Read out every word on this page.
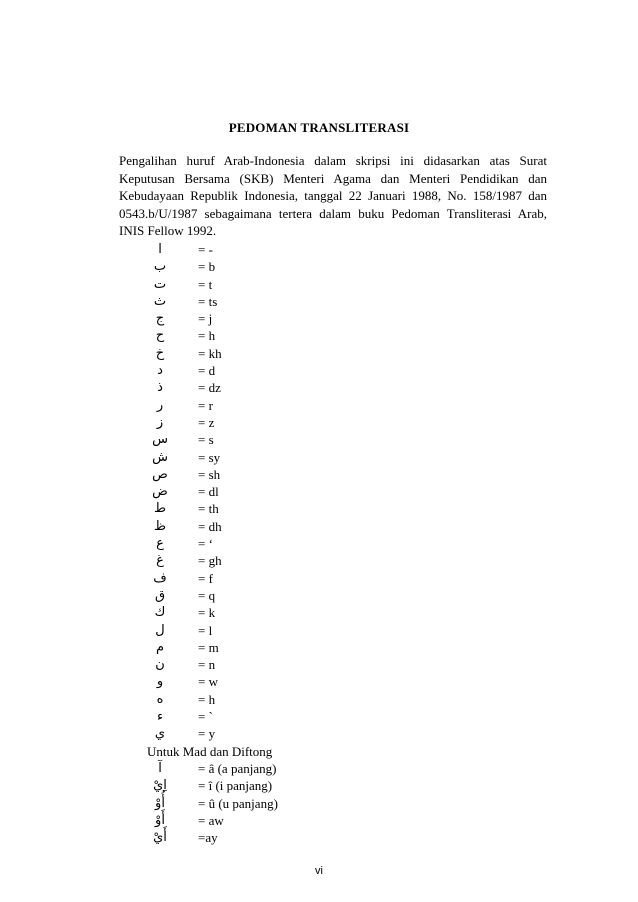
PEDOMAN TRANSLITERASI

Pengalihan huruf Arab-Indonesia dalam skripsi ini didasarkan atas Surat Keputusan Bersama (SKB) Menteri Agama dan Menteri Pendidikan dan Kebudayaan Republik Indonesia, tanggal 22 Januari 1988, No. 158/1987 dan 0543.b/U/1987 sebagaimana tertera dalam buku Pedoman Transliterasi Arab, INIS Fellow 1992.

ا	= -
ب	= b
ت	= t
ث	= ts
ج	= j
ح	= h
خ	= kh
د	= d
ذ	= dz
ر	= r
ز	= z
س	= s
ش	= sy
ص	= sh
ض	= dl
ط	= th
ظ	= dh
ع	= ‘
غ	= gh
ف	= f
ق	= q
ك	= k
ل	= l
م	= m
ن	= n
و	= w
ه	= h
ء	= `
ي	= y
Untuk Mad dan Diftong
آ	= â (a panjang)
اِيْ	= î (i panjang)
أُوْ	= û (u panjang)
أَوْ	= aw
أَيْ	=ay
vi
